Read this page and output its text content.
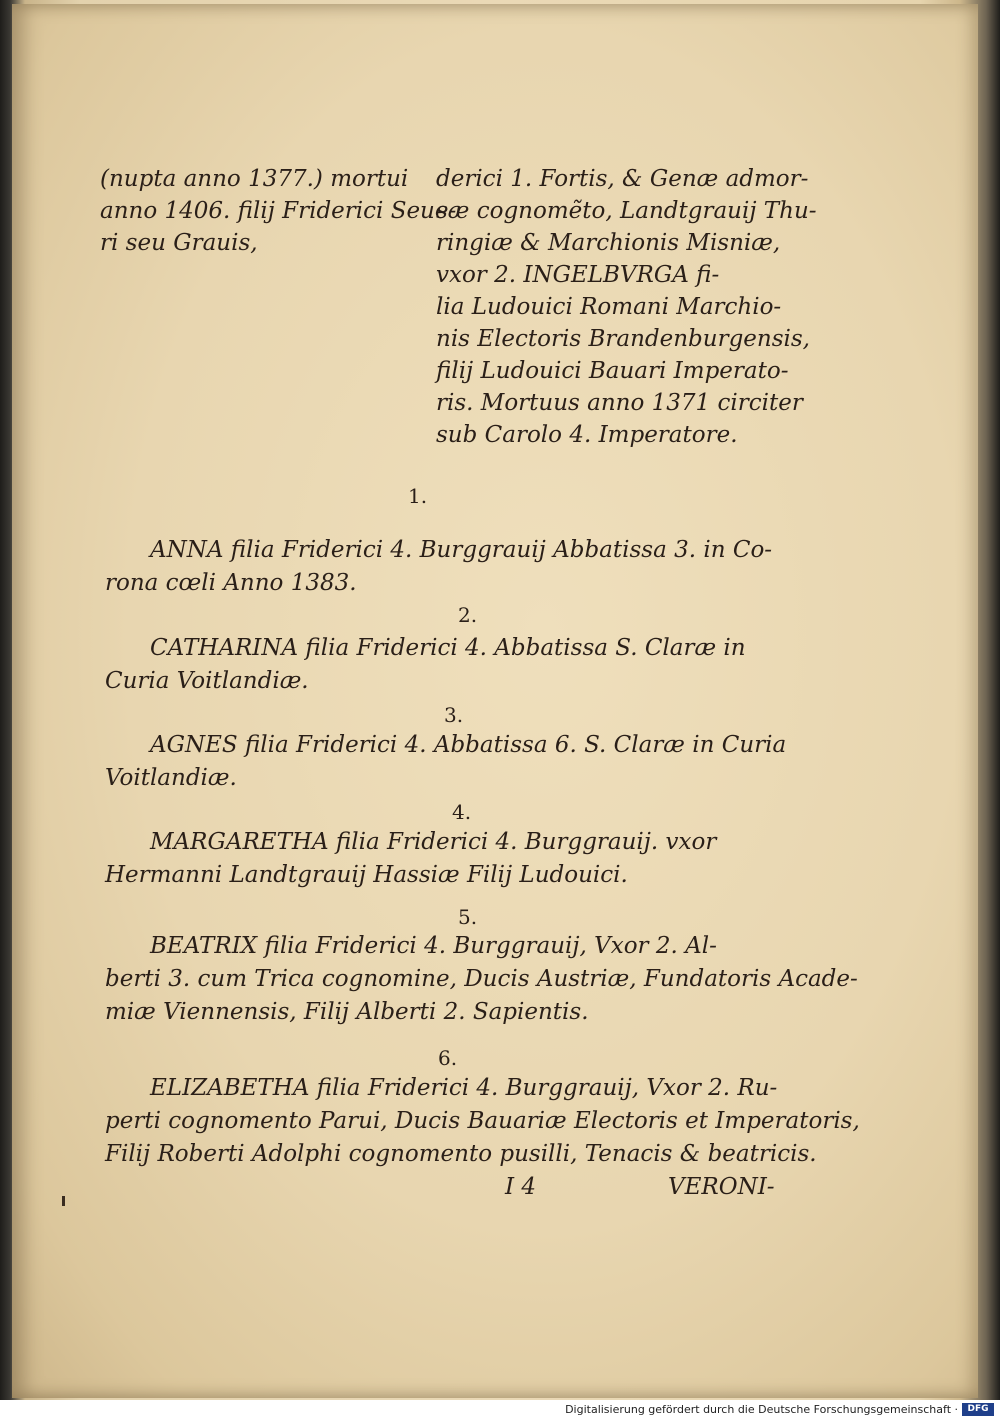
(nupta anno 1377.) mortui
anno 1406. filij Friderici Seue-
ri seu Grauis,
derici 1. Fortis, & Genæ admor-
sæ cognomẽto, Landtgrauij Thu-
ringiæ & Marchionis Misniæ,
vxor 2. INGELBVRGA fi-
lia Ludouici Romani Marchio-
nis Electoris Brandenburgensis,
filij Ludouici Bauari Imperato-
ris. Mortuus anno 1371 circiter
sub Carolo 4. Imperatore.
1.
ANNA filia Friderici 4. Burggrauij Abbatissa 3. in Co-
rona cœli Anno 1383.
2.
CATHARINA filia Friderici 4. Abbatissa S. Claræ in
Curia Voitlandiæ.
3.
AGNES filia Friderici 4. Abbatissa 6. S. Claræ in Curia
Voitlandiæ.
4.
MARGARETHA filia Friderici 4. Burggrauij. vxor
Hermanni Landtgrauij Hassiæ Filij Ludouici.
5.
BEATRIX filia Friderici 4. Burggrauij, Vxor 2. Al-
berti 3. cum Trica cognomine, Ducis Austriæ, Fundatoris Acade-
miæ Viennensis, Filij Alberti 2. Sapientis.
6.
ELIZABETHA filia Friderici 4. Burggrauij, Vxor 2. Ru-
perti cognomento Parui, Ducis Bauariæ Electoris et Imperatoris,
Filij Roberti Adolphi cognomento pusilli, Tenacis & beatricis.
I 4	VERONI-
Digitalisierung gefördert durch die Deutsche Forschungsgemeinschaft ·	DFG
